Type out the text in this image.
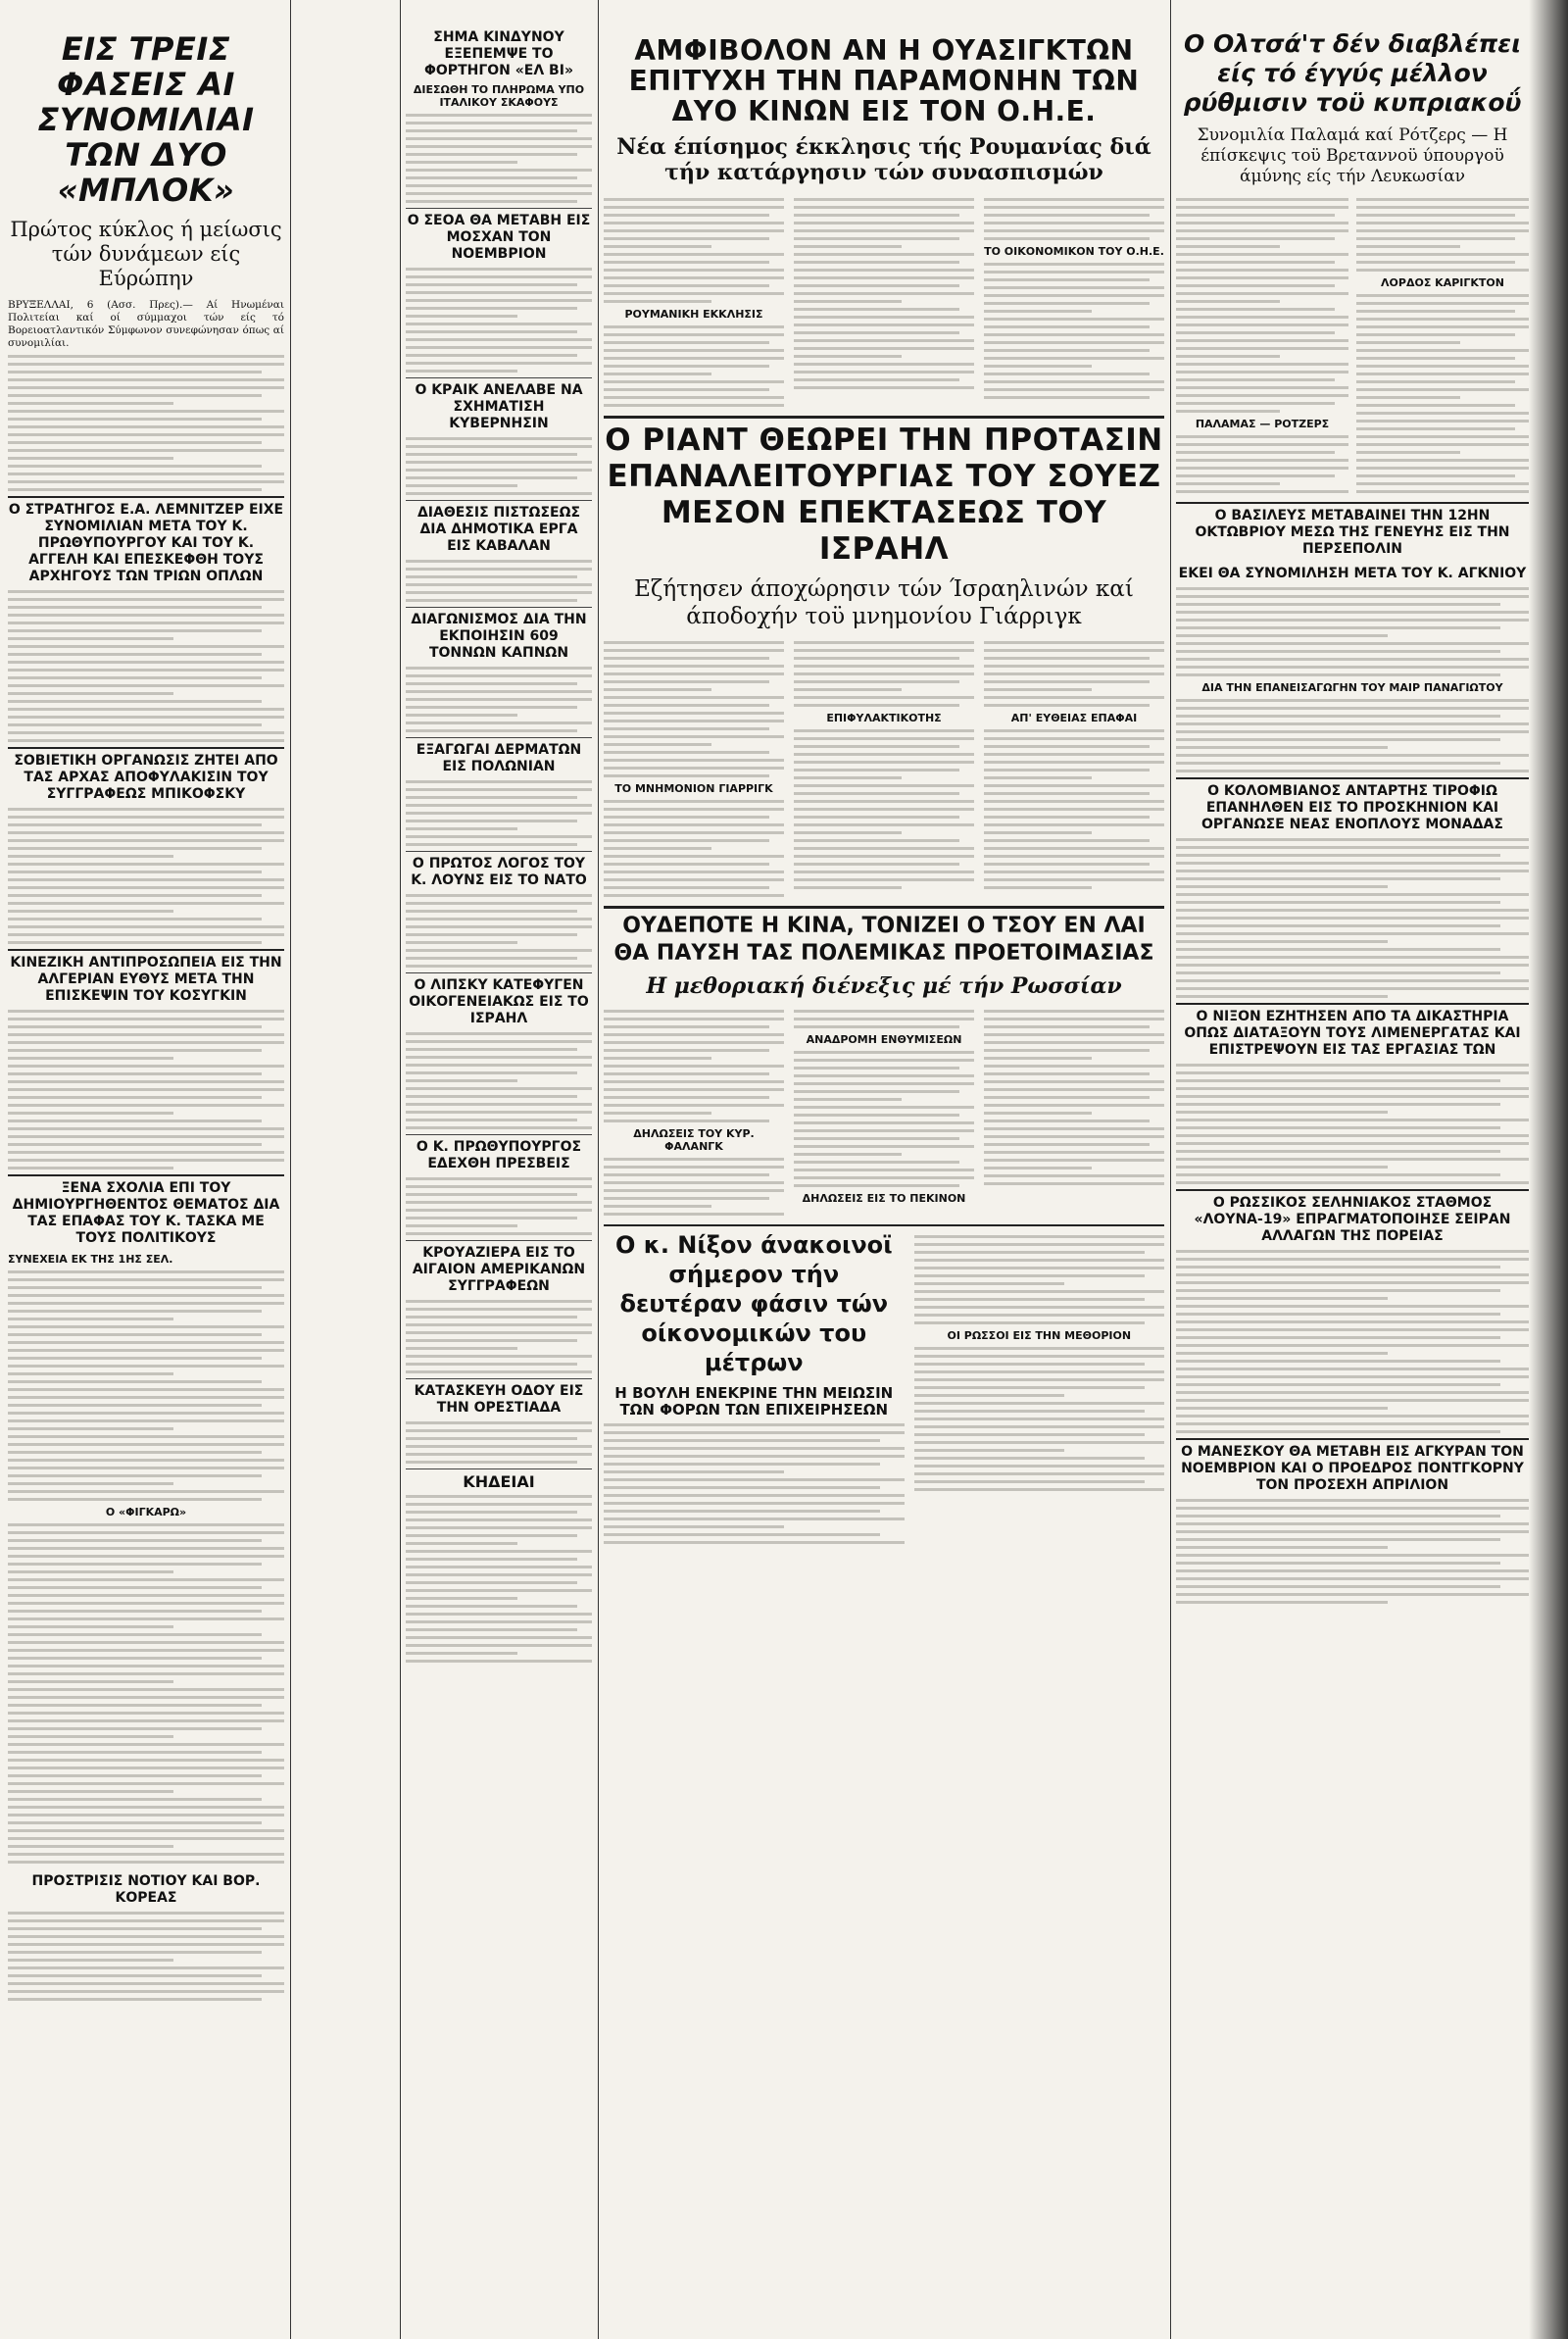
ΕΙΣ ΤΡΕΙΣ ΦΑΣΕΙΣ ΑΙ ΣΥΝΟΜΙΛΙΑΙ ΤΩΝ ΔΥΟ «ΜΠΛΟΚ»
Πρώτος κύκλος ή μείωσις τών δυνάμεων είς Εύρώπην
ΒΡΥΞΕΛΛΑΙ, 6 (Ασσ. Πρες).— Αί Ηνωμέναι Πολιτείαι καί οί σύμμαχοι τών είς τό Βορειοατλαντικόν Σύμφωνον συνεφώνησαν όπως αί συνομιλίαι.
Ο ΣΤΡΑΤΗΓΟΣ Ε.Α. ΛΕΜΝΙΤΖΕΡ ΕΙΧΕ ΣΥΝΟΜΙΛΙΑΝ ΜΕΤΑ ΤΟΥ Κ. ΠΡΩΘΥΠΟΥΡΓΟΥ ΚΑΙ ΤΟΥ Κ. ΑΓΓΕΛΗ ΚΑΙ ΕΠΕΣΚΕΦΘΗ ΤΟΥΣ ΑΡΧΗΓΟΥΣ ΤΩΝ ΤΡΙΩΝ ΟΠΛΩΝ
ΣΟΒΙΕΤΙΚΗ ΟΡΓΑΝΩΣΙΣ ΖΗΤΕΙ ΑΠΟ ΤΑΣ ΑΡΧΑΣ ΑΠΟΦΥΛΑΚΙΣΙΝ ΤΟΥ ΣΥΓΓΡΑΦΕΩΣ ΜΠΙΚΟΦΣΚΥ
ΚΙΝΕΖΙΚΗ ΑΝΤΙΠΡΟΣΩΠΕΙΑ ΕΙΣ ΤΗΝ ΑΛΓΕΡΙΑΝ ΕΥΘΥΣ ΜΕΤΑ ΤΗΝ ΕΠΙΣΚΕΨΙΝ ΤΟΥ ΚΟΣΥΓΚΙΝ
ΞΕΝΑ ΣΧΟΛΙΑ ΕΠΙ ΤΟΥ ΔΗΜΙΟΥΡΓΗΘΕΝΤΟΣ ΘΕΜΑΤΟΣ ΔΙΑ ΤΑΣ ΕΠΑΦΑΣ ΤΟΥ Κ. ΤΑΣΚΑ ΜΕ ΤΟΥΣ ΠΟΛΙΤΙΚΟΥΣ
ΣΥΝΕΧΕΙΑ ΕΚ ΤΗΣ 1ΗΣ ΣΕΛ.
Ο «ΦΙΓΚΑΡΩ»
ΠΡΟΣΤΡΙΣΙΣ ΝΟΤΙΟΥ ΚΑΙ ΒΟΡ. ΚΟΡΕΑΣ
ΣΗΜΑ ΚΙΝΔΥΝΟΥ ΕΞΕΠΕΜΨΕ ΤΟ ΦΟΡΤΗΓΟΝ «ΕΛ ΒΙ»
ΔΙΕΣΩΘΗ ΤΟ ΠΛΗΡΩΜΑ ΥΠΟ ΙΤΑΛΙΚΟΥ ΣΚΑΦΟΥΣ
Ο ΣΕΟΑ ΘΑ ΜΕΤΑΒΗ ΕΙΣ ΜΟΣΧΑΝ ΤΟΝ ΝΟΕΜΒΡΙΟΝ
Ο ΚΡΑΙΚ ΑΝΕΛΑΒΕ ΝΑ ΣΧΗΜΑΤΙΣΗ ΚΥΒΕΡΝΗΣΙΝ
ΔΙΑΘΕΣΙΣ ΠΙΣΤΩΣΕΩΣ ΔΙΑ ΔΗΜΟΤΙΚΑ ΕΡΓΑ ΕΙΣ ΚΑΒΑΛΑΝ
ΔΙΑΓΩΝΙΣΜΟΣ ΔΙΑ ΤΗΝ ΕΚΠΟΙΗΣΙΝ 609 ΤΟΝΝΩΝ ΚΑΠΝΩΝ
ΕΞΑΓΩΓΑΙ ΔΕΡΜΑΤΩΝ ΕΙΣ ΠΟΛΩΝΙΑΝ
Ο ΠΡΩΤΟΣ ΛΟΓΟΣ ΤΟΥ Κ. ΛΟΥΝΣ ΕΙΣ ΤΟ ΝΑΤΟ
Ο ΛΙΠΣΚΥ ΚΑΤΕΦΥΓΕΝ ΟΙΚΟΓΕΝΕΙΑΚΩΣ ΕΙΣ ΤΟ ΙΣΡΑΗΛ
Ο Κ. ΠΡΩΘΥΠΟΥΡΓΟΣ ΕΔΕΧΘΗ ΠΡΕΣΒΕΙΣ
ΚΡΟΥΑΖΙΕΡΑ ΕΙΣ ΤΟ ΑΙΓΑΙΟΝ ΑΜΕΡΙΚΑΝΩΝ ΣΥΓΓΡΑΦΕΩΝ
ΚΑΤΑΣΚΕΥΗ ΟΔΟΥ ΕΙΣ ΤΗΝ ΟΡΕΣΤΙΑΔΑ
ΚΗΔΕΙΑΙ
ΑΜΦΙΒΟΛΟΝ ΑΝ Η ΟΥΑΣΙΓΚΤΩΝ ΕΠΙΤΥΧΗ ΤΗΝ ΠΑΡΑΜΟΝΗΝ ΤΩΝ ΔΥΟ ΚΙΝΩΝ ΕΙΣ ΤΟΝ Ο.Η.Ε.
Νέα έπίσημος έκκλησις τής Ρουμανίας διά τήν κατάργησιν τών συνασπισμών
ΡΟΥΜΑΝΙΚΗ ΕΚΚΛΗΣΙΣ
ΤΟ ΟΙΚΟΝΟΜΙΚΟΝ ΤΟΥ Ο.Η.Ε.
Ο ΡΙΑΝΤ ΘΕΩΡΕΙ ΤΗΝ ΠΡΟΤΑΣΙΝ ΕΠΑΝΑΛΕΙΤΟΥΡΓΙΑΣ ΤΟΥ ΣΟΥΕΖ ΜΕΣΟΝ ΕΠΕΚΤΑΣΕΩΣ ΤΟΥ ΙΣΡΑΗΛ
Εζήτησεν άποχώρησιν τών Ίσραηλινών καί άποδοχήν τοϋ μνημονίου Γιάρριγκ
ΤΟ ΜΝΗΜΟΝΙΟΝ ΓΙΑΡΡΙΓΚ
ΕΠΙΦΥΛΑΚΤΙΚΟΤΗΣ	ΑΠ' ΕΥΘΕΙΑΣ ΕΠΑΦΑΙ
ΟΥΔΕΠΟΤΕ Η ΚΙΝΑ, ΤΟΝΙΖΕΙ Ο ΤΣΟΥ ΕΝ ΛΑΙ ΘΑ ΠΑΥΣΗ ΤΑΣ ΠΟΛΕΜΙΚΑΣ ΠΡΟΕΤΟΙΜΑΣΙΑΣ
Η μεθοριακή διένεξις μέ τήν Ρωσσίαν
ΔΗΛΩΣΕΙΣ ΤΟΥ ΚΥΡ. ΦΑΛΑΝΓΚ
ΑΝΑΔΡΟΜΗ ΕΝΘΥΜΙΣΕΩΝ
ΔΗΛΩΣΕΙΣ ΕΙΣ ΤΟ ΠΕΚΙΝΟΝ
Ο κ. Νίξον άνακοινοϊ σήμερον τήν δευτέραν φάσιν τών οίκονομικών του μέτρων
Η ΒΟΥΛΗ ΕΝΕΚΡΙΝΕ ΤΗΝ ΜΕΙΩΣΙΝ ΤΩΝ ΦΟΡΩΝ ΤΩΝ ΕΠΙΧΕΙΡΗΣΕΩΝ
ΟΙ ΡΩΣΣΟΙ ΕΙΣ ΤΗΝ ΜΕΘΟΡΙΟΝ
Ο Ολτσά'τ δέν διαβλέπει είς τό έγγύς μέλλον ρύθμισιν τοϋ κυπριακοΰ
Συνομιλία Παλαμά καί Ρότζερς — Η έπίσκεψις τοϋ Βρεταννοϋ ύπουργοϋ άμύνης είς τήν Λευκωσίαν
ΠΑΛΑΜΑΣ — ΡΟΤΖΕΡΣ
ΛΟΡΔΟΣ ΚΑΡΙΓΚΤΟΝ
Ο ΒΑΣΙΛΕΥΣ ΜΕΤΑΒΑΙΝΕΙ ΤΗΝ 12ΗΝ ΟΚΤΩΒΡΙΟΥ ΜΕΣΩ ΤΗΣ ΓΕΝΕΥΗΣ ΕΙΣ ΤΗΝ ΠΕΡΣΕΠΟΛΙΝ
ΕΚΕΙ ΘΑ ΣΥΝΟΜΙΛΗΣΗ ΜΕΤΑ ΤΟΥ Κ. ΑΓΚΝΙΟΥ
ΔΙΑ ΤΗΝ ΕΠΑΝΕΙΣΑΓΩΓΗΝ ΤΟΥ ΜΑΙΡ ΠΑΝΑΓΙΩΤΟΥ
Ο ΚΟΛΟΜΒΙΑΝΟΣ ΑΝΤΑΡΤΗΣ ΤΙΡΟΦΙΩ ΕΠΑΝΗΛΘΕΝ ΕΙΣ ΤΟ ΠΡΟΣΚΗΝΙΟΝ ΚΑΙ ΟΡΓΑΝΩΣΕ ΝΕΑΣ ΕΝΟΠΛΟΥΣ ΜΟΝΑΔΑΣ
Ο ΝΙΞΟΝ ΕΖΗΤΗΣΕΝ ΑΠΟ ΤΑ ΔΙΚΑΣΤΗΡΙΑ ΟΠΩΣ ΔΙΑΤΑΞΟΥΝ ΤΟΥΣ ΛΙΜΕΝΕΡΓΑΤΑΣ ΚΑΙ ΕΠΙΣΤΡΕΨΟΥΝ ΕΙΣ ΤΑΣ ΕΡΓΑΣΙΑΣ ΤΩΝ
Ο ΡΩΣΣΙΚΟΣ ΣΕΛΗΝΙΑΚΟΣ ΣΤΑΘΜΟΣ «ΛΟΥΝΑ-19» ΕΠΡΑΓΜΑΤΟΠΟΙΗΣΕ ΣΕΙΡΑΝ ΑΛΛΑΓΩΝ ΤΗΣ ΠΟΡΕΙΑΣ
Ο ΜΑΝΕΣΚΟΥ ΘΑ ΜΕΤΑΒΗ ΕΙΣ ΑΓΚΥΡΑΝ ΤΟΝ ΝΟΕΜΒΡΙΟΝ ΚΑΙ Ο ΠΡΟΕΔΡΟΣ ΠΟΝΤΓΚΟΡΝΥ ΤΟΝ ΠΡΟΣΕΧΗ ΑΠΡΙΛΙΟΝ
